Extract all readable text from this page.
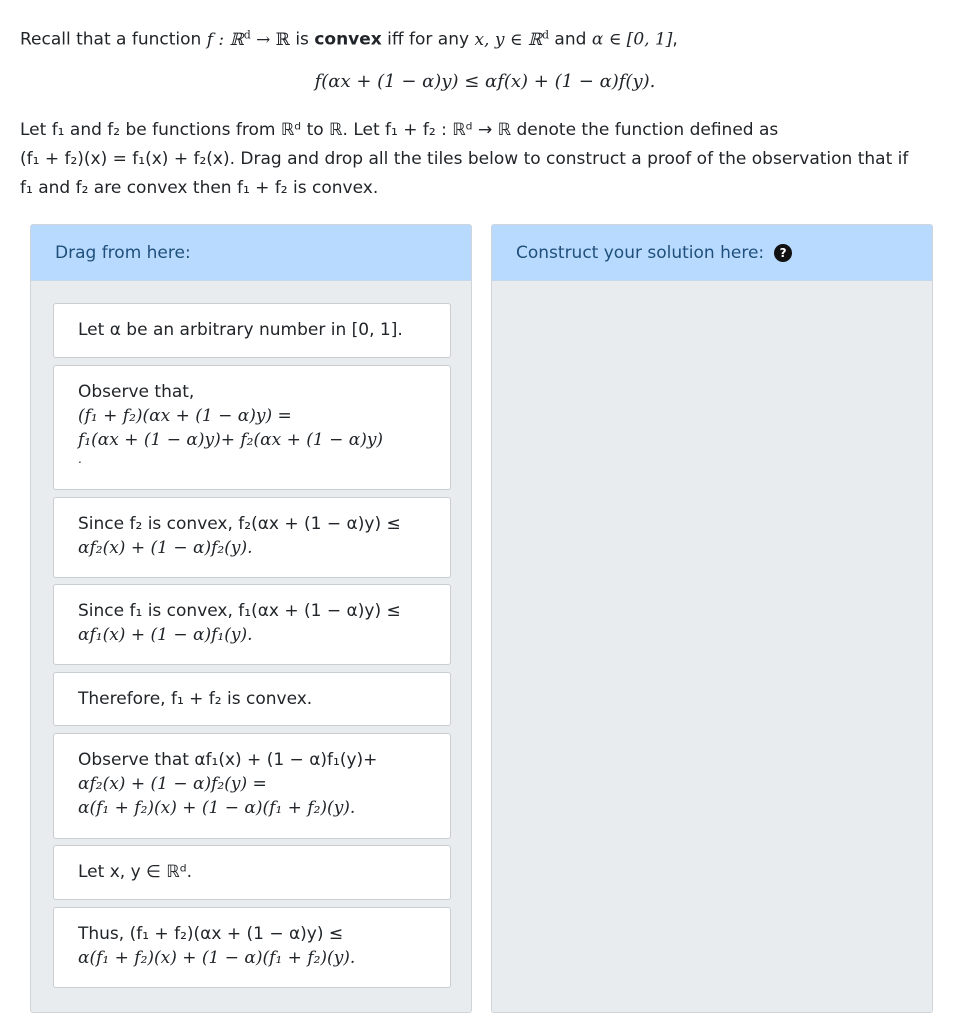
Recall that a function f : ℝ$^d$ → ℝ is convex iff for any x, y ∈ ℝ$^d$ and α ∈ [0, 1],

f(αx + (1 − α)y) ≤ αf(x) + (1 − α)f(y).

Let f₁ and f₂ be functions from ℝᵈ to ℝ. Let f₁ + f₂ : ℝᵈ → ℝ denote the function defined as
(f₁ + f₂)(x) = f₁(x) + f₂(x). Drag and drop all the tiles below to construct a proof of the observation that if
f₁ and f₂ are convex then f₁ + f₂ is convex.

Drag from here:
Let α be an arbitrary number in [0, 1].
Observe that,
(f₁ + f₂)(αx + (1 − α)y) =
f₁(αx + (1 − α)y)+ f₂(αx + (1 − α)y)
.
Since f₂ is convex, f₂(αx + (1 − α)y) ≤
αf₂(x) + (1 − α)f₂(y).
Since f₁ is convex, f₁(αx + (1 − α)y) ≤
αf₁(x) + (1 − α)f₁(y).
Therefore, f₁ + f₂ is convex.
Observe that αf₁(x) + (1 − α)f₁(y)+
αf₂(x) + (1 − α)f₂(y) =
α(f₁ + f₂)(x) + (1 − α)(f₁ + f₂)(y).
Let x, y ∈ ℝᵈ.
Thus, (f₁ + f₂)(αx + (1 − α)y) ≤
α(f₁ + f₂)(x) + (1 − α)(f₁ + f₂)(y).
Construct your solution here:	?
